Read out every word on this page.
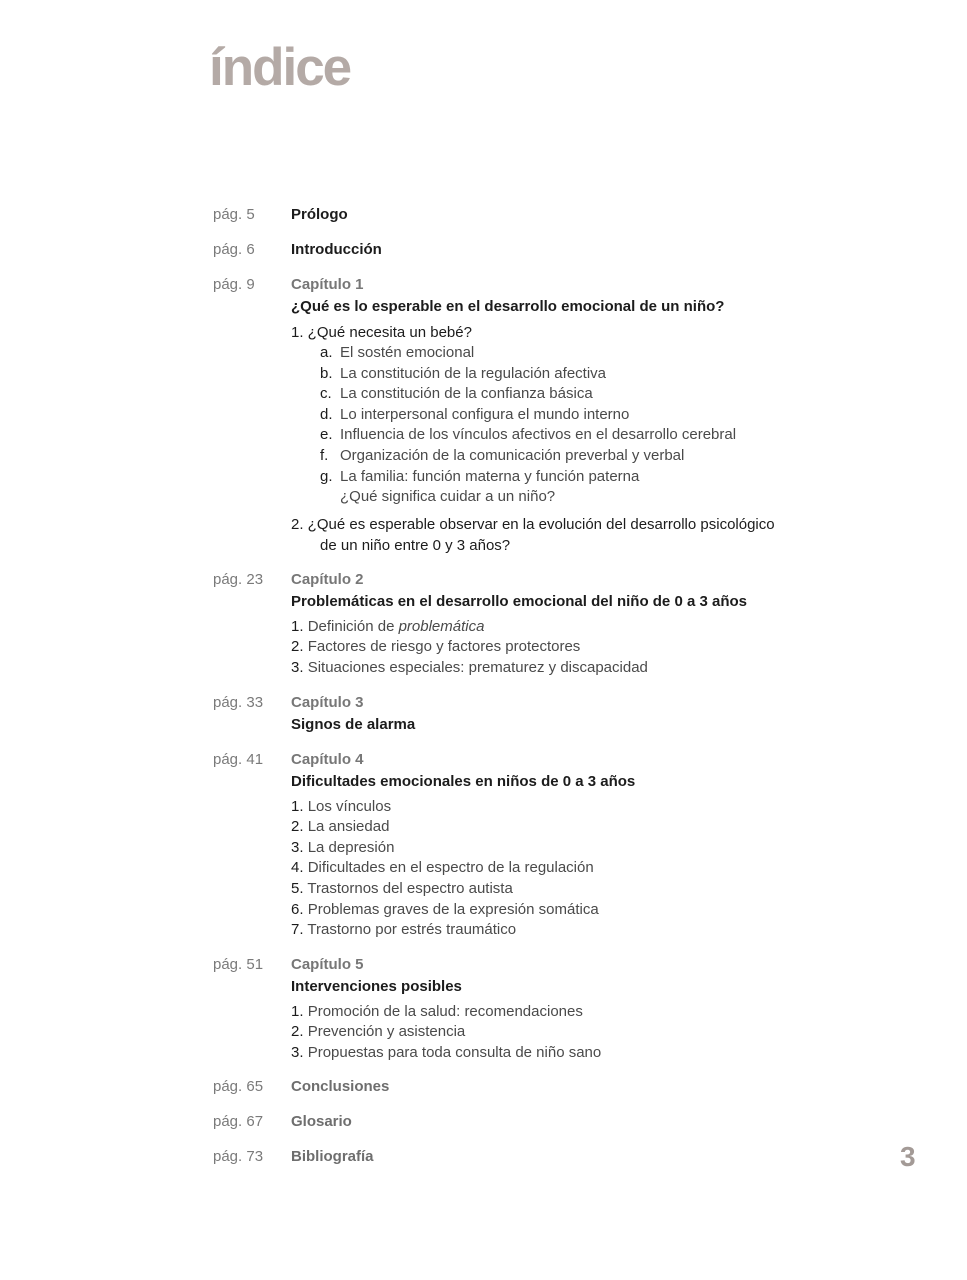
índice
pág. 5	Prólogo
pág. 6	Introducción
pág. 9	Capítulo 1
¿Qué es lo esperable en el desarrollo emocional de un niño?
1. ¿Qué necesita un bebé?
a. El sostén emocional
b. La constitución de la regulación afectiva
c. La constitución de la confianza básica
d. Lo interpersonal configura el mundo interno
e. Influencia de los vínculos afectivos en el desarrollo cerebral
f. Organización de la comunicación preverbal y verbal
g. La familia: función materna y función paterna
¿Qué significa cuidar a un niño?
2. ¿Qué es esperable observar en la evolución del desarrollo psicológico
de un niño entre 0 y 3 años?
pág. 23	Capítulo 2
Problemáticas en el desarrollo emocional del niño de 0 a 3 años
1. Definición de problemática
2. Factores de riesgo y factores protectores
3. Situaciones especiales: prematurez y discapacidad
pág. 33	Capítulo 3
Signos de alarma
pág. 41	Capítulo 4
Dificultades emocionales en niños de 0 a 3 años
1. Los vínculos
2. La ansiedad
3. La depresión
4. Dificultades en el espectro de la regulación
5. Trastornos del espectro autista
6. Problemas graves de la expresión somática
7. Trastorno por estrés traumático
pág. 51	Capítulo 5
Intervenciones posibles
1. Promoción de la salud: recomendaciones
2. Prevención y asistencia
3. Propuestas para toda consulta de niño sano
pág. 65	Conclusiones
pág. 67	Glosario
pág. 73	Bibliografía	3
